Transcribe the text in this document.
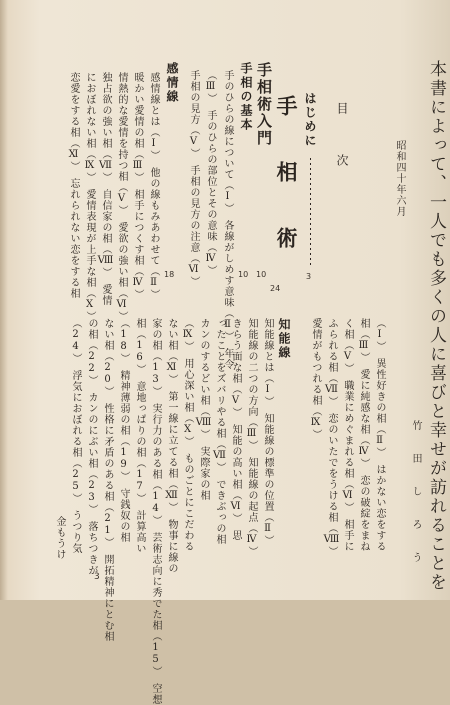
本書によって、一人でも多くの人に喜びと幸せが訪れることを
昭和四十年六月
竹 田 し ろ う
（Ⅰ）　異性好きの相（Ⅱ）　はかない恋をする
相（Ⅲ）　愛に純感な相（Ⅳ）　恋の破綻をまね
く相（Ⅴ）　職業にめぐまれる相（Ⅵ）　相手に
ふられる相（Ⅶ）　恋のいたでをうける相（Ⅷ）
愛情がもつれる相（Ⅸ）
目　次
はじめに
3
手　相　術
手相術入門
10
手相の基本
10
手のひらの線について（Ⅰ）　各線がしめす意味（Ⅱ）　年令
（Ⅲ）　手のひらの部位とその意味（Ⅳ）
手相の見方（Ⅴ）　手相の見方の注意（Ⅵ）
感情線
18
感情線とは（Ⅰ）　他の線もみあわせて（Ⅱ）
暖かい愛情の相（Ⅲ）　相手につくす相（Ⅳ）
情熱的な愛情を持つ相（Ⅴ）　愛欲の強い相（Ⅵ）
独占欲の強い相（Ⅶ）　自信家の相（Ⅷ）　愛情
におぼれない相（Ⅸ）　愛情表現が上手な相（Ⅹ）
恋愛をする相（Ⅺ）　忘れられない恋をする相
知能線
24
知能線とは（Ⅰ）　知能線の標準の位置（Ⅱ）
知能線の二つの方向（Ⅲ）　知能線の起点（Ⅳ）
きらう面な相（Ⅴ）　知能の高い相（Ⅵ）　思
ったことをズバリやる相（Ⅶ）　できぶっの相
カンのするどい相（Ⅷ）　実際家の相
（Ⅸ）　用心深い相（Ⅹ）　ものごとにこだわる
ない相（Ⅺ）　第一線に立てる相（Ⅻ）　物事に線の
家の相（13）　実行力のある相（14）　芸術志向に秀でた相（15）　空想
相（16）　意地っぱりの相（17）　計算高い
（18）　精神薄弱の相（19）　守銭奴の相
ない相（20）　性格に矛盾のある相（21）　開拓精神にとむ相
の相（22）　カンのにぶい相（23）　落ちつきが
（24）　浮気におぼれる相（25）　うつり気
　　　　　　　　　　　　　　　　　　金もうけ
3
